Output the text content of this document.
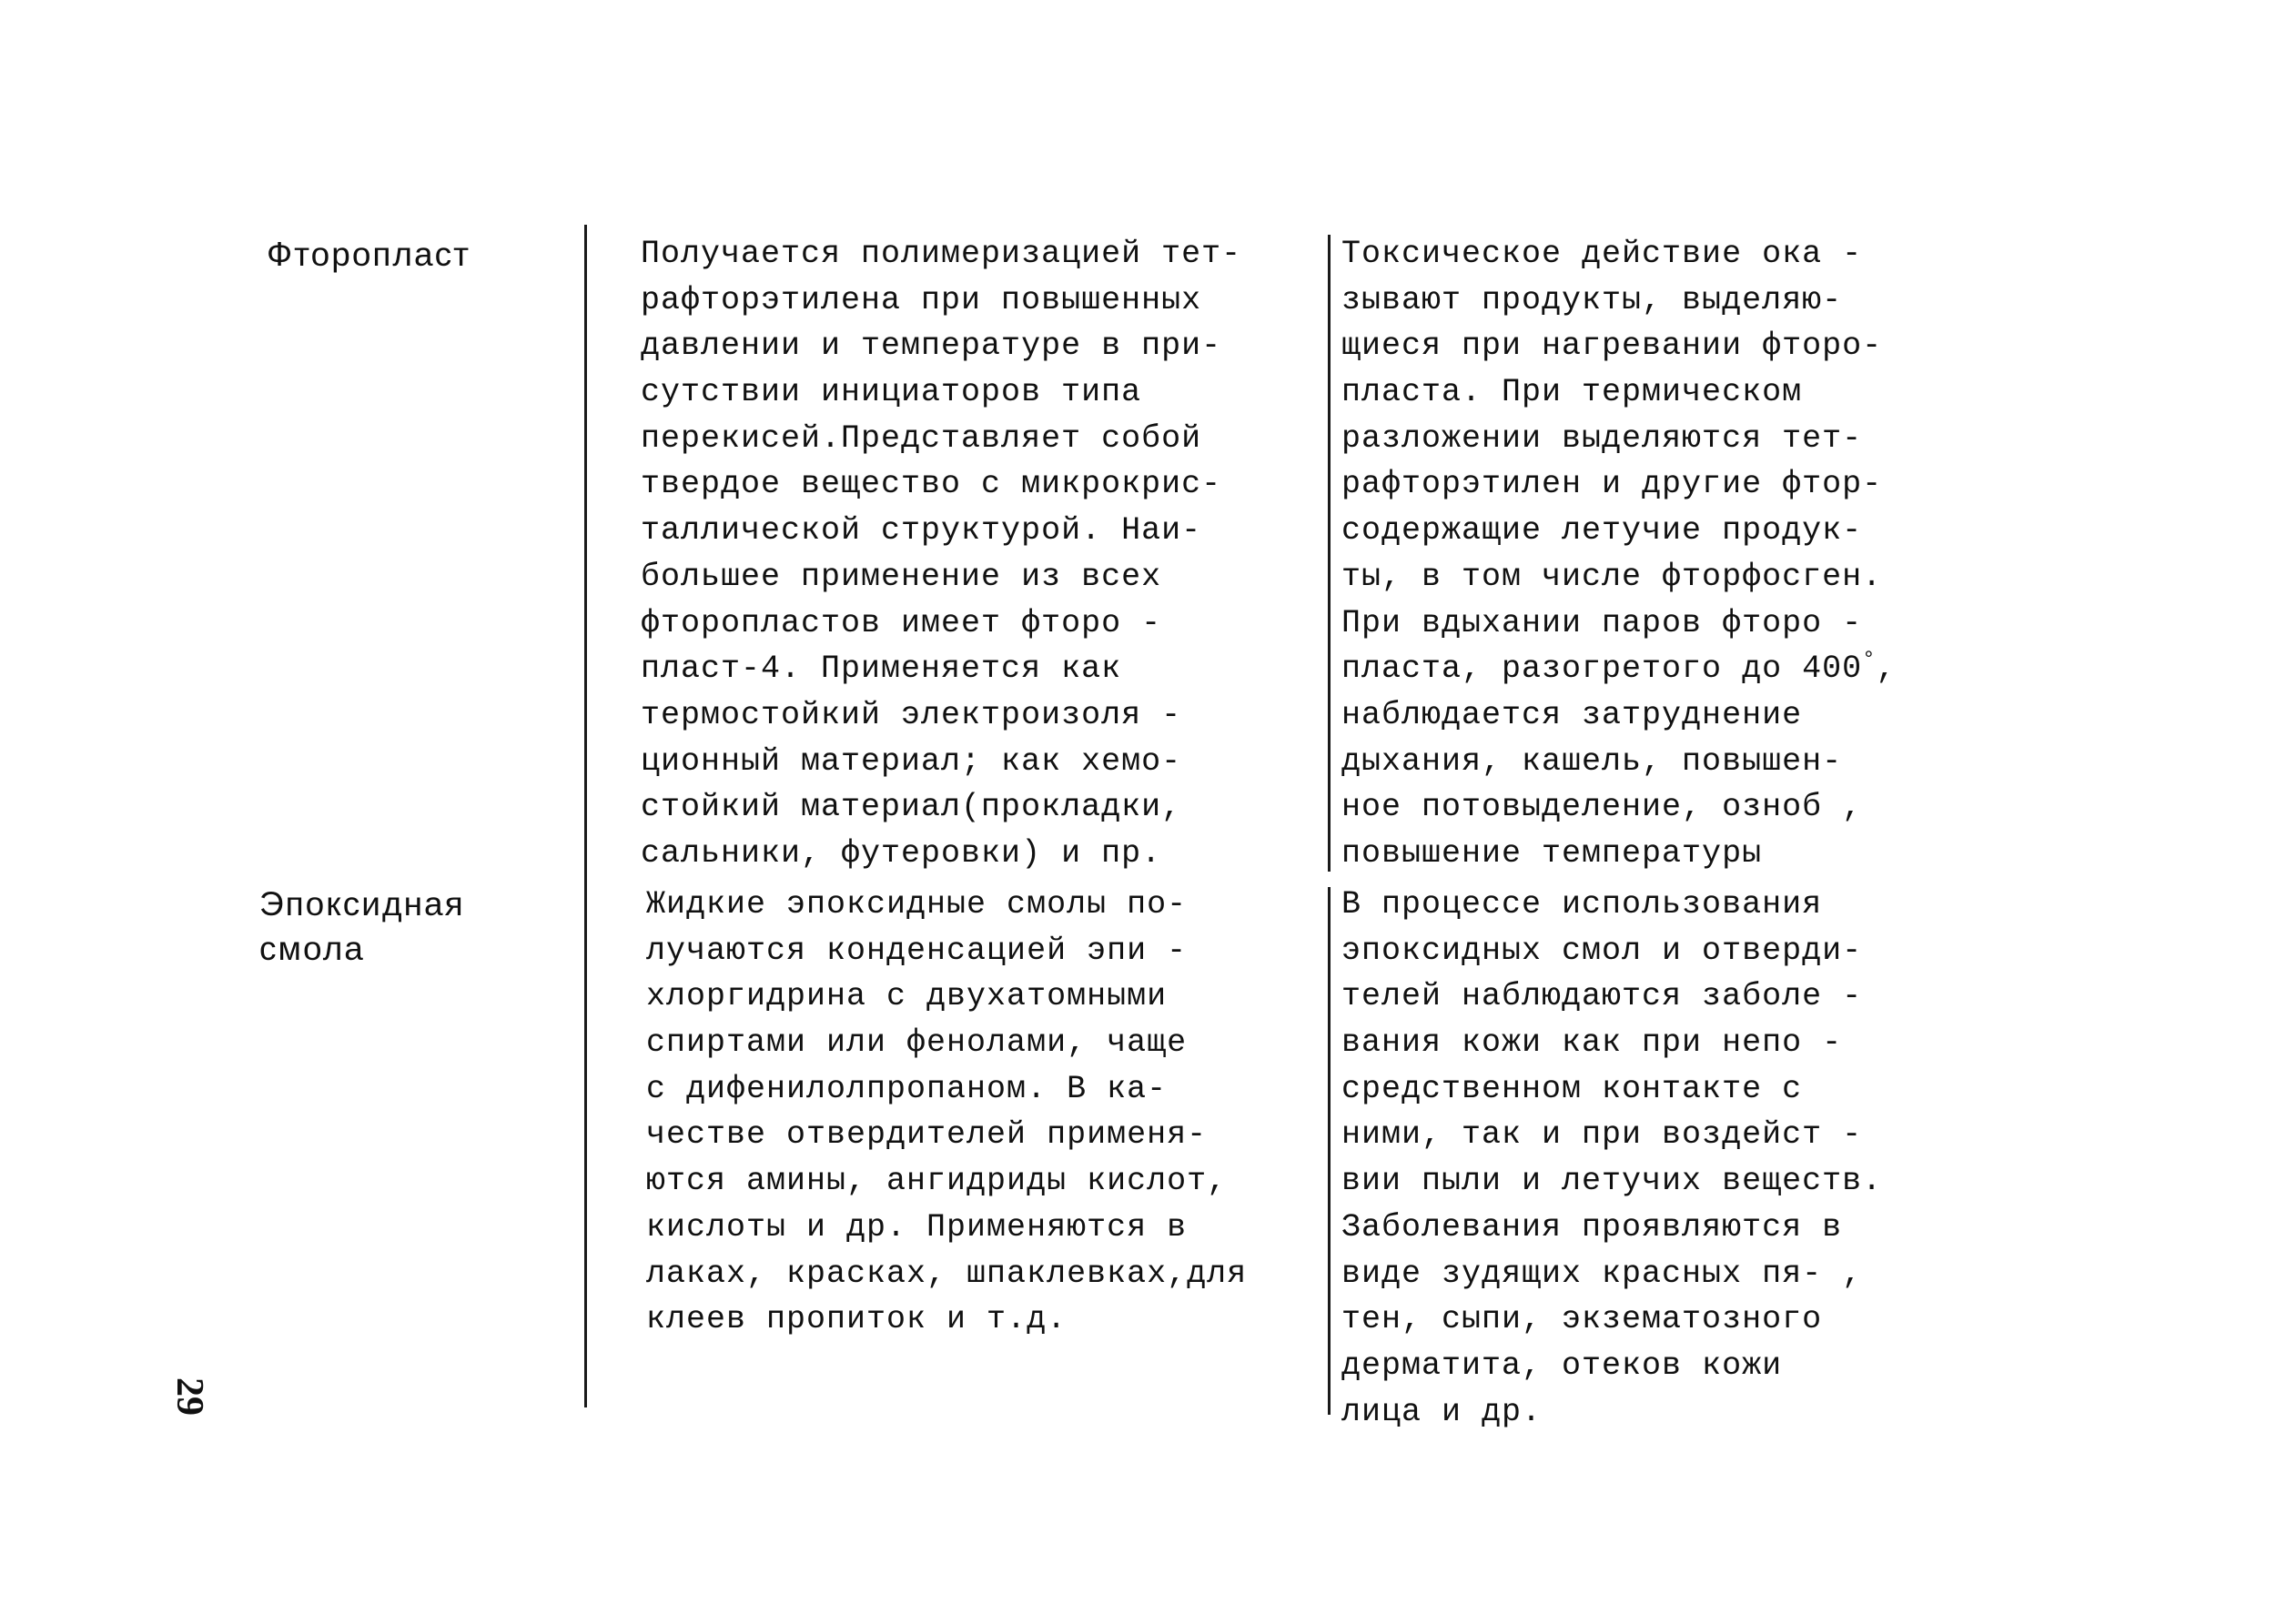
Фторопласт	Получается полимеризацией тет-
рафторэтилена при повышенных
давлении и температуре в при-
сутствии инициаторов типа
перекисей.Представляет собой
твердое вещество с микрокрис-
таллической структурой. Наи-
большее применение из всех
фторопластов имеет фторо -
пласт-4. Применяется как
термостойкий электроизоля -
ционный материал; как хемо-
стойкий материал(прокладки,
сальники, футеровки) и пр.
Токсическое действие ока -
зывают продукты, выделяю-
щиеся при нагревании фторо-
пласта. При термическом
разложении выделяются тет-
рафторэтилен и другие фтор-
содержащие летучие продук-
ты, в том числе фторфосген.
При вдыхании паров фторо -
пласта, разогретого до 400°,
наблюдается затруднение
дыхания, кашель, повышен-
ное потовыделение, озноб ,
повышение температуры
Эпоксидная
смола
Жидкие эпоксидные смолы по-
лучаются конденсацией эпи -
хлоргидрина с двухатомными
спиртами или фенолами, чаще
с дифенилолпропаном. В ка-
честве отвердителей применя-
ются амины, ангидриды кислот,
кислоты и др. Применяются в
лаках, красках, шпаклевках,для
клеев пропиток и т.д.
В процессе использования
эпоксидных смол и отверди-
телей наблюдаются заболе -
вания кожи как при непо -
средственном контакте с
ними, так и при воздейст -
вии пыли и летучих веществ.
Заболевания проявляются в
виде зудящих красных пя- ,
тен, сыпи, экзематозного
дерматита, отеков кожи
лица и др.
29
